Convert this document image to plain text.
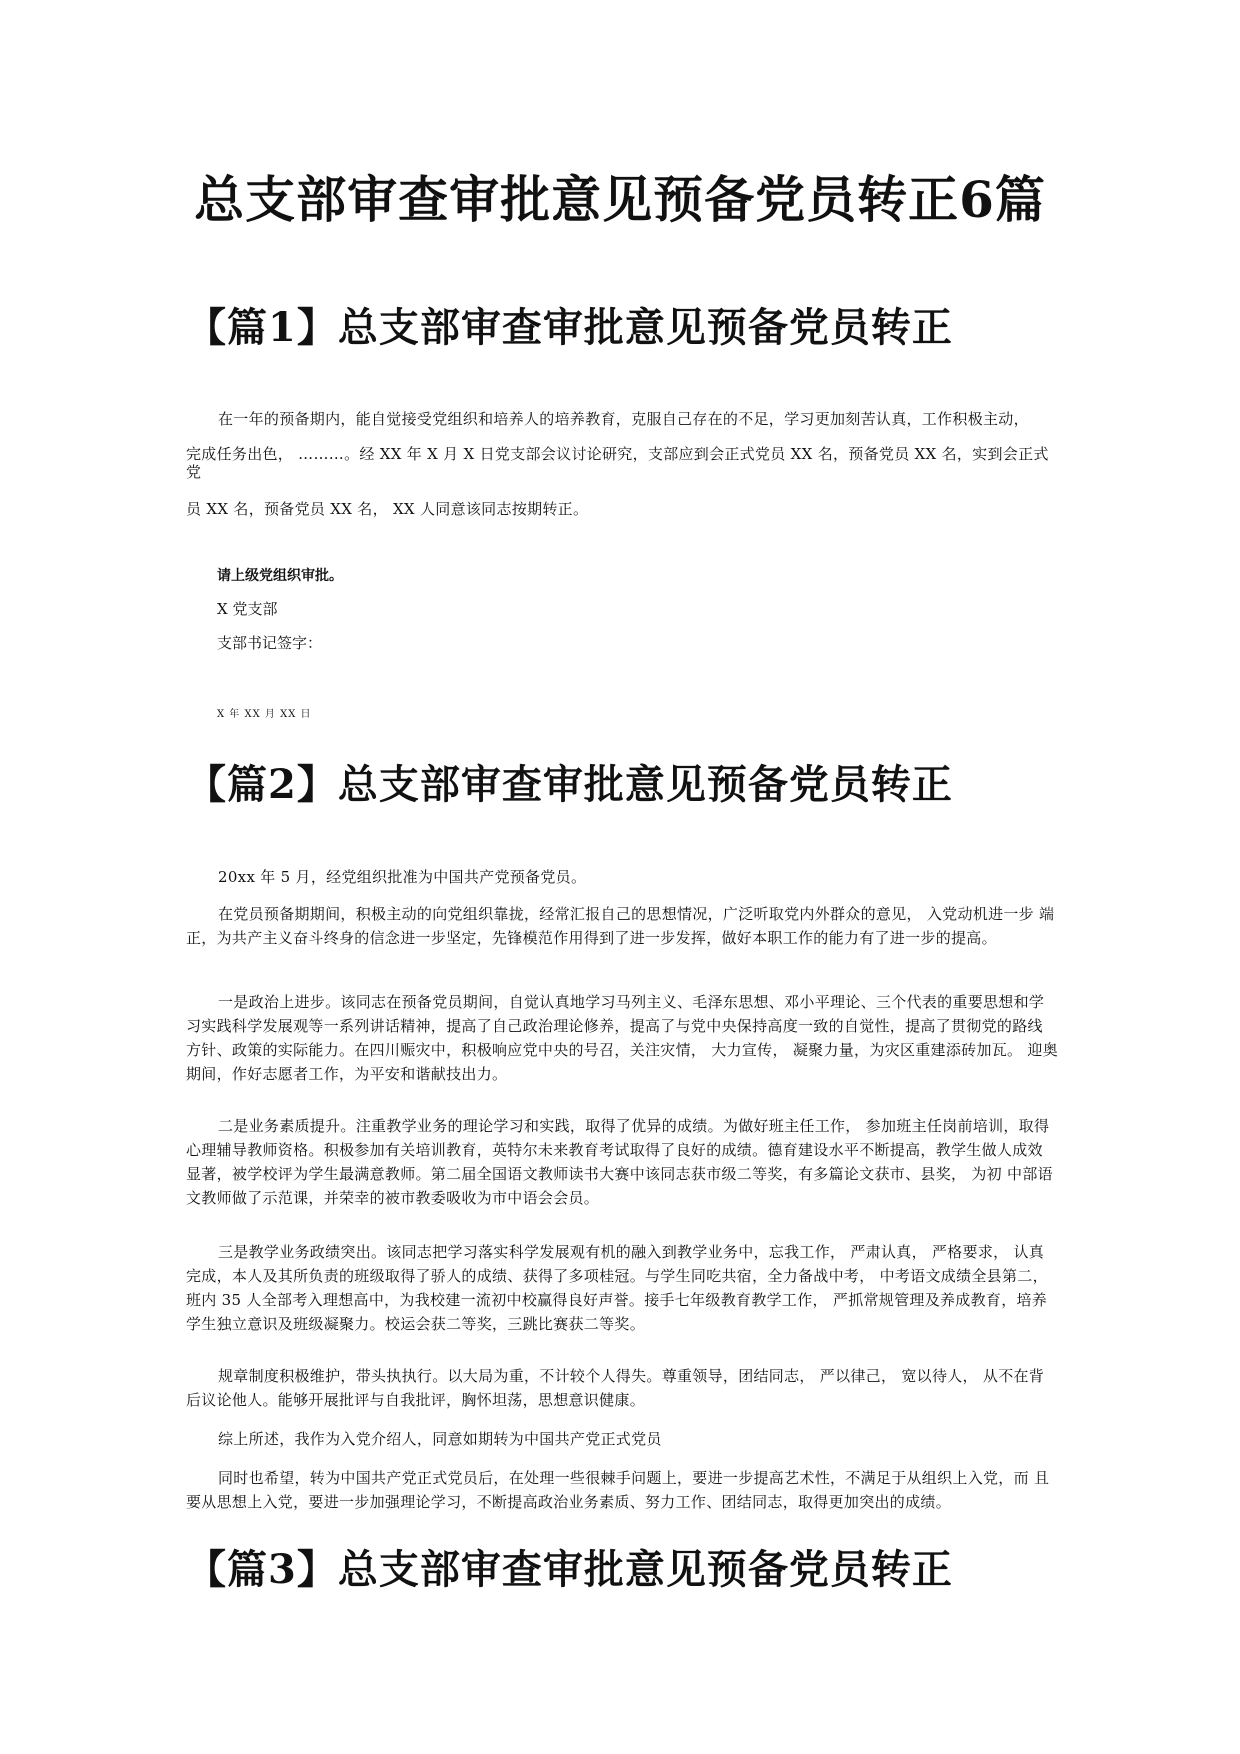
总支部审查审批意见预备党员转正6篇
【篇1】总支部审查审批意见预备党员转正
在一年的预备期内，能自觉接受党组织和培养人的培养教育，克服自己存在的不足，学习更加刻苦认真，工作积极主动，
完成任务出色， ………。经 XX 年 X 月 X 日党支部会议讨论研究，支部应到会正式党员 XX 名，预备党员 XX 名，实到会正式党
员 XX 名，预备党员 XX 名， XX 人同意该同志按期转正。
请上级党组织审批。
X 党支部
支部书记签字：
X 年 XX 月 XX 日
【篇2】总支部审查审批意见预备党员转正
20xx 年 5 月，经党组织批准为中国共产党预备党员。
在党员预备期期间，积极主动的向党组织靠拢，经常汇报自己的思想情况，广泛听取党内外群众的意见， 入党动机进一步 端正，为共产主义奋斗终身的信念进一步坚定，先锋模范作用得到了进一步发挥，做好本职工作的能力有了进一步的提高。
一是政治上进步。该同志在预备党员期间，自觉认真地学习马列主义、毛泽东思想、邓小平理论、三个代表的重要思想和学习实践科学发展观等一系列讲话精神，提高了自己政治理论修养，提高了与党中央保持高度一致的自觉性，提高了贯彻党的路线方针、政策的实际能力。在四川赈灾中，积极响应党中央的号召，关注灾情， 大力宣传， 凝聚力量，为灾区重建添砖加瓦。 迎奥期间，作好志愿者工作，为平安和谐献技出力。
二是业务素质提升。注重教学业务的理论学习和实践，取得了优异的成绩。为做好班主任工作， 参加班主任岗前培训，取得心理辅导教师资格。积极参加有关培训教育，英特尔未来教育考试取得了良好的成绩。德育建设水平不断提高，教学生做人成效显著，被学校评为学生最满意教师。第二届全国语文教师读书大赛中该同志获市级二等奖，有多篇论文获市、县奖， 为初 中部语文教师做了示范课，并荣幸的被市教委吸收为市中语会会员。
三是教学业务政绩突出。该同志把学习落实科学发展观有机的融入到教学业务中，忘我工作， 严肃认真， 严格要求， 认真完成，本人及其所负责的班级取得了骄人的成绩、获得了多项桂冠。与学生同吃共宿，全力备战中考， 中考语文成绩全县第二， 班内 35 人全部考入理想高中，为我校建一流初中校赢得良好声誉。接手七年级教育教学工作， 严抓常规管理及养成教育，培养 学生独立意识及班级凝聚力。校运会获二等奖，三跳比赛获二等奖。
规章制度积极维护，带头执执行。以大局为重，不计较个人得失。尊重领导，团结同志， 严以律己， 宽以待人， 从不在背 后议论他人。能够开展批评与自我批评，胸怀坦荡，思想意识健康。
综上所述，我作为入党介绍人，同意如期转为中国共产党正式党员
同时也希望，转为中国共产党正式党员后，在处理一些很棘手问题上，要进一步提高艺术性，不满足于从组织上入党，而 且要从思想上入党，要进一步加强理论学习，不断提高政治业务素质、努力工作、团结同志，取得更加突出的成绩。
【篇3】总支部审查审批意见预备党员转正
